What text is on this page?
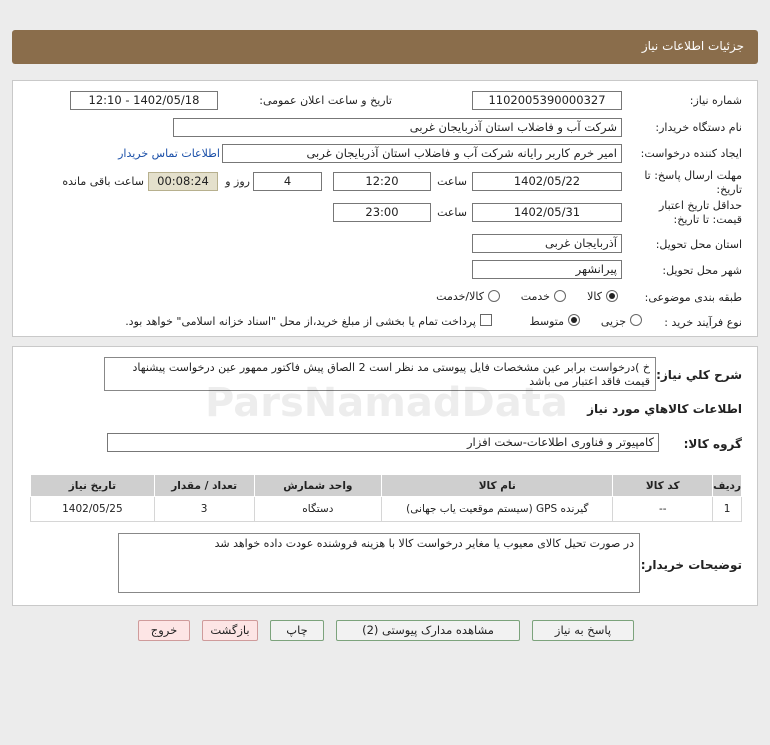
جزئیات اطلاعات نیاز
شماره نیاز:
1102005390000327
تاریخ و ساعت اعلان عمومی:
1402/05/18 - 12:10
نام دستگاه خریدار:
شرکت آب و فاضلاب استان آذربایجان غربی
ایجاد کننده درخواست:
امیر خرم کاربر رایانه شرکت آب و فاضلاب استان آذربایجان غربی
اطلاعات تماس خریدار
مهلت ارسال پاسخ: تا
تاریخ:
1402/05/22
ساعت
12:20
4
روز و
00:08:24
ساعت باقی مانده
حداقل تاریخ اعتبار
قیمت: تا تاریخ:
1402/05/31
ساعت
23:00
استان محل تحویل:
آذربایجان غربی
شهر محل تحویل:
پیرانشهر
طبقه بندی موضوعی:
کالا
خدمت
کالا/خدمت
نوع فرآیند خرید :
جزیی
متوسط
پرداخت تمام یا بخشی از مبلغ خرید،از محل "اسناد خزانه اسلامی" خواهد بود.
شرح کلي نیاز:
خ )درخواست برابر عین مشخصات فایل پیوستی مد نظر است 2 الصاق پیش فاکتور ممهور عین درخواست پیشنهاد قیمت فاقد اعتبار می باشد
اطلاعات کالاهاي مورد نياز
گروه کالا:
کامپیوتر و فناوری اطلاعات-سخت افزار
ردیف	کد کالا	نام کالا	واحد شمارش	تعداد / مقدار	تاریخ نیاز
1	--	گیرنده GPS (سیستم موقعیت یاب جهانی)	دستگاه	3	1402/05/25
توضیحات خریدار:
در صورت تحیل کالای معیوب یا مغایر درخواست کالا با هزینه فروشنده عودت داده خواهد شد
پاسخ به نیاز
مشاهده مدارک پیوستی (2)
چاپ
بازگشت
خروج
